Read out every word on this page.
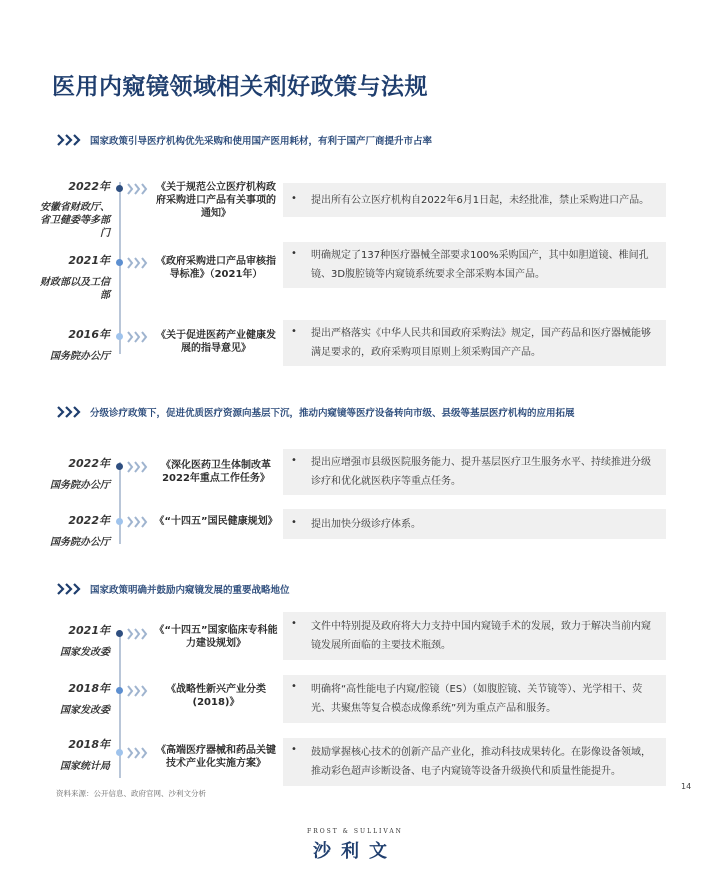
医用内窥镜领域相关利好政策与法规
国家政策引导医疗机构优先采购和使用国产医用耗材，有利于国产厂商提升市占率
2022年
安徽省财政厅、省卫健委等多部门
《关于规范公立医疗机构政府采购进口产品有关事项的通知》
提出所有公立医疗机构自2022年6月1日起，未经批准，禁止采购进口产品。
•
2021年
财政部以及工信部
《政府采购进口产品审核指导标准》（2021年）
明确规定了137种医疗器械全部要求100%采购国产，其中如胆道镜、椎间孔镜、3D腹腔镜等内窥镜系统要求全部采购本国产品。
•
2016年
国务院办公厅
《关于促进医药产业健康发展的指导意见》
提出严格落实《中华人民共和国政府采购法》规定，国产药品和医疗器械能够满足要求的，政府采购项目原则上须采购国产产品。
•
分级诊疗政策下，促进优质医疗资源向基层下沉，推动内窥镜等医疗设备转向市级、县级等基层医疗机构的应用拓展
2022年
国务院办公厅
《深化医药卫生体制改革2022年重点工作任务》
提出应增强市县级医院服务能力、提升基层医疗卫生服务水平、持续推进分级诊疗和优化就医秩序等重点任务。
•
2022年
国务院办公厅
《“十四五”国民健康规划》	提出加快分级诊疗体系。
•
国家政策明确并鼓励内窥镜发展的重要战略地位
2021年
国家发改委
《“十四五”国家临床专科能力建设规划》
文件中特别提及政府将大力支持中国内窥镜手术的发展，致力于解决当前内窥镜发展所面临的主要技术瓶颈。
•
2018年
国家发改委
《战略性新兴产业分类(2018)》
明确将“高性能电子内窥/腔镜（ES）（如腹腔镜、关节镜等）、光学相干、荧光、共聚焦等复合模态成像系统”列为重点产品和服务。
•
2018年
国家统计局
《高端医疗器械和药品关键技术产业化实施方案》
鼓励掌握核心技术的创新产品产业化，推动科技成果转化。在影像设备领域，推动彩色超声诊断设备、电子内窥镜等设备升级换代和质量性能提升。
•
资料来源：公开信息、政府官网、沙利文分析
14
FROST & SULLIVAN
沙利文
